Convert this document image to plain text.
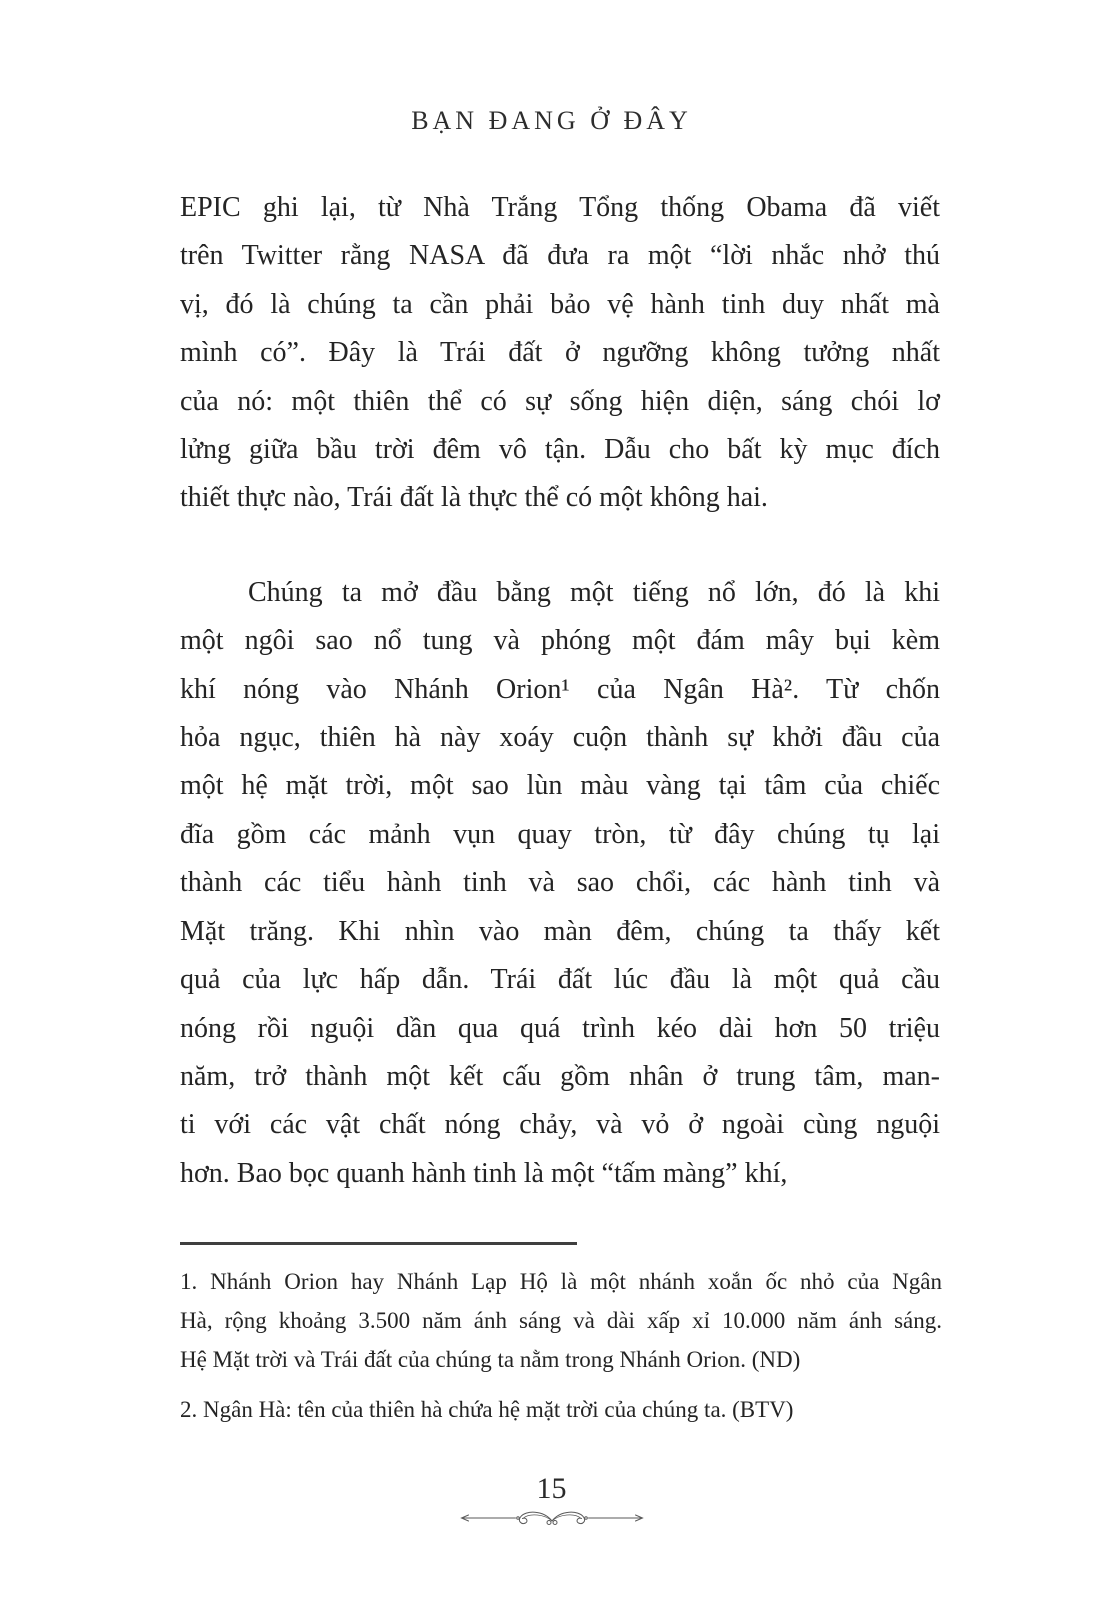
BẠN ĐANG Ở ĐÂY
EPIC ghi lại, từ Nhà Trắng Tổng thống Obama đã viết
trên Twitter rằng NASA đã đưa ra một “lời nhắc nhở thú
vị, đó là chúng ta cần phải bảo vệ hành tinh duy nhất mà
mình có”. Đây là Trái đất ở ngưỡng không tưởng nhất
của nó: một thiên thể có sự sống hiện diện, sáng chói lơ
lửng giữa bầu trời đêm vô tận. Dẫu cho bất kỳ mục đích
thiết thực nào, Trái đất là thực thể có một không hai.
Chúng ta mở đầu bằng một tiếng nổ lớn, đó là khi
một ngôi sao nổ tung và phóng một đám mây bụi kèm
khí nóng vào Nhánh Orion¹ của Ngân Hà². Từ chốn
hỏa ngục, thiên hà này xoáy cuộn thành sự khởi đầu của
một hệ mặt trời, một sao lùn màu vàng tại tâm của chiếc
đĩa gồm các mảnh vụn quay tròn, từ đây chúng tụ lại
thành các tiểu hành tinh và sao chổi, các hành tinh và
Mặt trăng. Khi nhìn vào màn đêm, chúng ta thấy kết
quả của lực hấp dẫn. Trái đất lúc đầu là một quả cầu
nóng rồi nguội dần qua quá trình kéo dài hơn 50 triệu
năm, trở thành một kết cấu gồm nhân ở trung tâm, man-
ti với các vật chất nóng chảy, và vỏ ở ngoài cùng nguội
hơn. Bao bọc quanh hành tinh là một “tấm màng” khí,
1. Nhánh Orion hay Nhánh Lạp Hộ là một nhánh xoắn ốc nhỏ của Ngân
Hà, rộng khoảng 3.500 năm ánh sáng và dài xấp xỉ 10.000 năm ánh sáng.
Hệ Mặt trời và Trái đất của chúng ta nằm trong Nhánh Orion. (ND)
2. Ngân Hà: tên của thiên hà chứa hệ mặt trời của chúng ta. (BTV)
15
